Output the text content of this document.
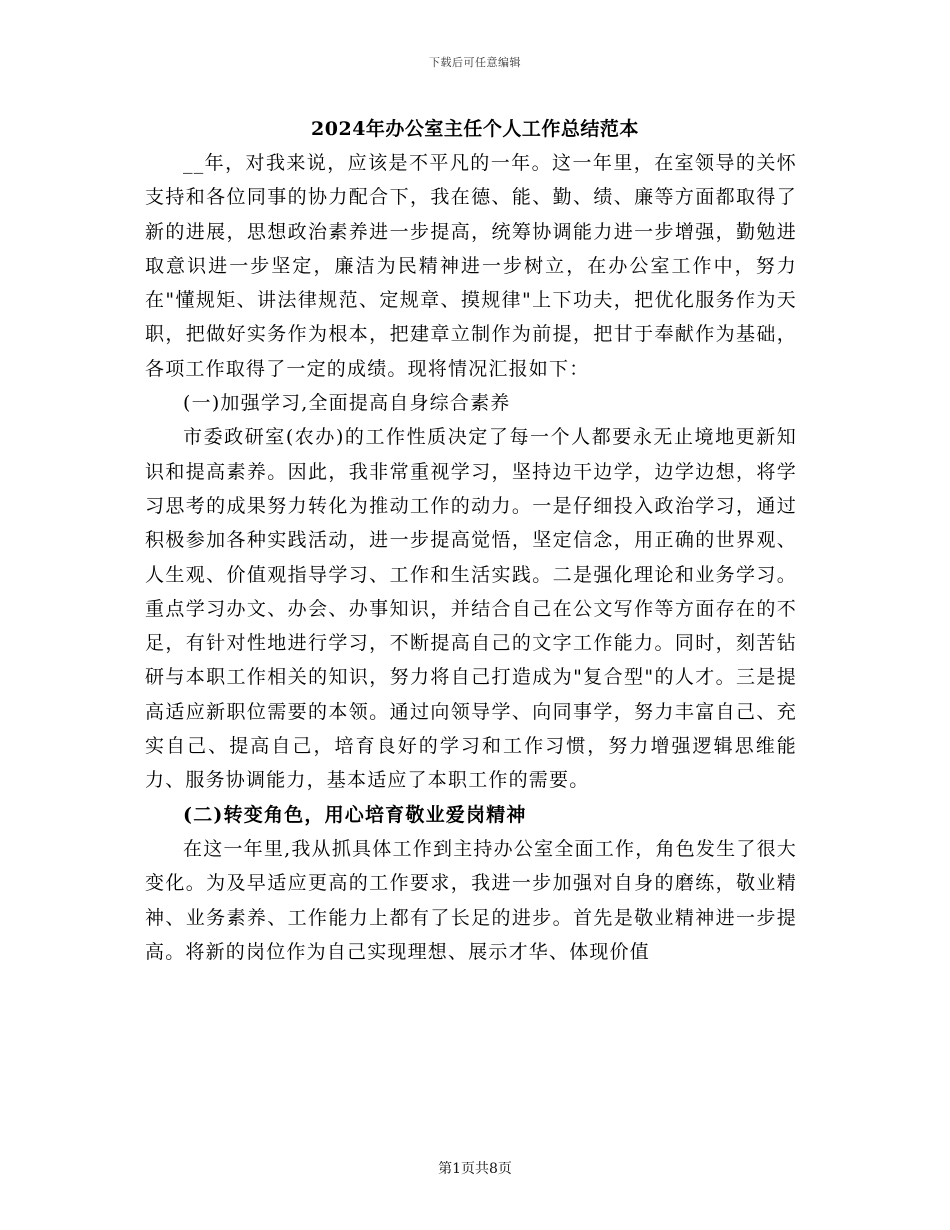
下载后可任意编辑
2024年办公室主任个人工作总结范本

__年，对我来说，应该是不平凡的一年。这一年里，在室领导的关怀支持和各位同事的协力配合下，我在德、能、勤、绩、廉等方面都取得了新的进展，思想政治素养进一步提高，统筹协调能力进一步增强，勤勉进取意识进一步坚定，廉洁为民精神进一步树立，在办公室工作中，努力在"懂规矩、讲法律规范、定规章、摸规律"上下功夫，把优化服务作为天职，把做好实务作为根本，把建章立制作为前提，把甘于奉献作为基础，各项工作取得了一定的成绩。现将情况汇报如下：

(一)加强学习,全面提高自身综合素养

市委政研室(农办)的工作性质决定了每一个人都要永无止境地更新知识和提高素养。因此，我非常重视学习，坚持边干边学，边学边想，将学习思考的成果努力转化为推动工作的动力。一是仔细投入政治学习，通过积极参加各种实践活动，进一步提高觉悟，坚定信念，用正确的世界观、人生观、价值观指导学习、工作和生活实践。二是强化理论和业务学习。重点学习办文、办会、办事知识，并结合自己在公文写作等方面存在的不足，有针对性地进行学习，不断提高自己的文字工作能力。同时，刻苦钻研与本职工作相关的知识，努力将自己打造成为"复合型"的人才。三是提高适应新职位需要的本领。通过向领导学、向同事学，努力丰富自己、充实自己、提高自己，培育良好的学习和工作习惯，努力增强逻辑思维能力、服务协调能力，基本适应了本职工作的需要。

(二)转变角色，用心培育敬业爱岗精神

在这一年里,我从抓具体工作到主持办公室全面工作，角色发生了很大变化。为及早适应更高的工作要求，我进一步加强对自身的磨练，敬业精神、业务素养、工作能力上都有了长足的进步。首先是敬业精神进一步提高。将新的岗位作为自己实现理想、展示才华、体现价值

第1页共8页
